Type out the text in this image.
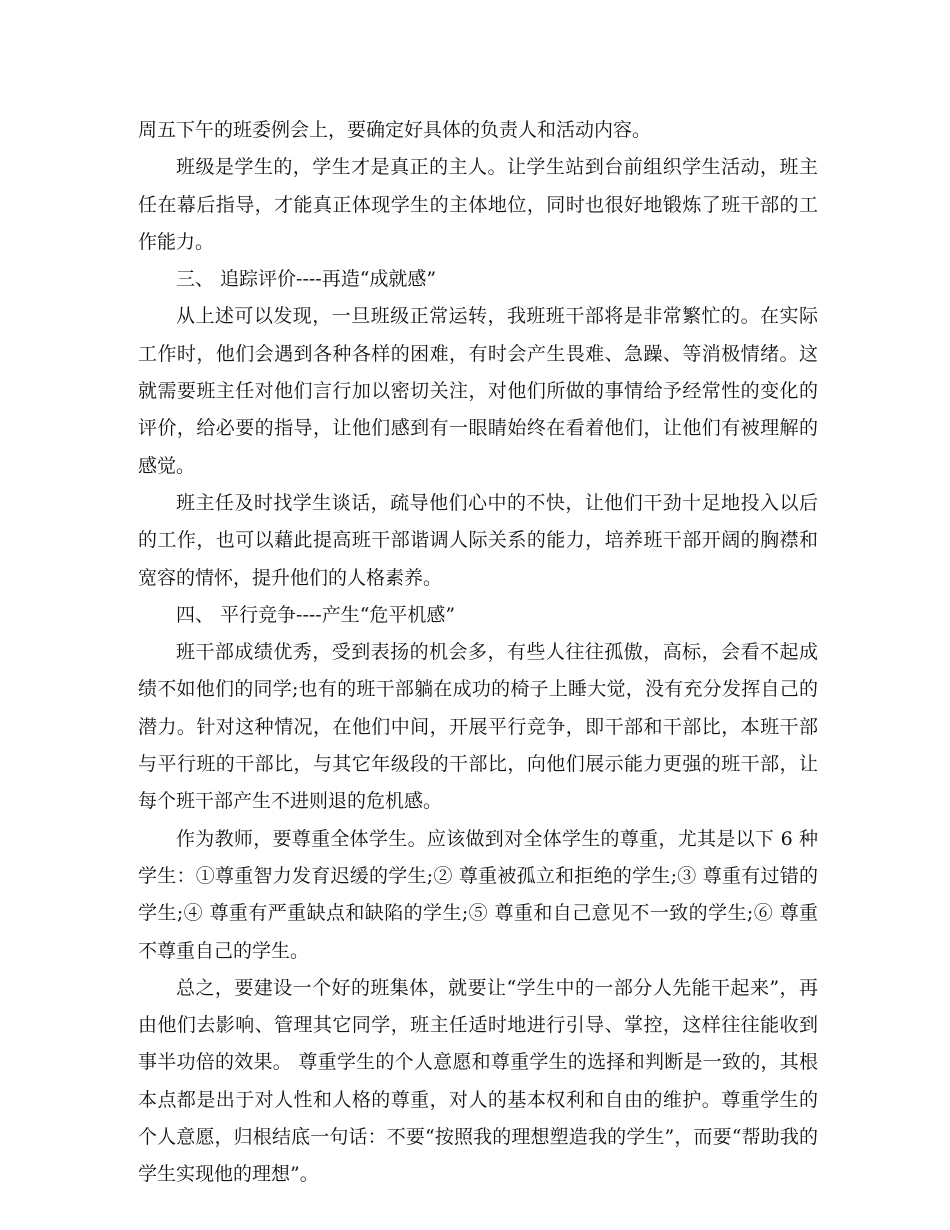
周五下午的班委例会上，要确定好具体的负责人和活动内容。

班级是学生的，学生才是真正的主人。让学生站到台前组织学生活动，班主任在幕后指导，才能真正体现学生的主体地位，同时也很好地锻炼了班干部的工作能力。

三、 追踪评价----再造“成就感”

从上述可以发现，一旦班级正常运转，我班班干部将是非常繁忙的。在实际工作时，他们会遇到各种各样的困难，有时会产生畏难、急躁、等消极情绪。这就需要班主任对他们言行加以密切关注，对他们所做的事情给予经常性的变化的评价，给必要的指导，让他们感到有一眼睛始终在看着他们，让他们有被理解的感觉。

班主任及时找学生谈话，疏导他们心中的不快，让他们干劲十足地投入以后的工作，也可以藉此提高班干部谐调人际关系的能力，培养班干部开阔的胸襟和宽容的情怀，提升他们的人格素养。

四、 平行竞争----产生“危平机感”

班干部成绩优秀，受到表扬的机会多，有些人往往孤傲，高标，会看不起成绩不如他们的同学;也有的班干部躺在成功的椅子上睡大觉，没有充分发挥自己的潜力。针对这种情况，在他们中间，开展平行竞争，即干部和干部比，本班干部与平行班的干部比，与其它年级段的干部比，向他们展示能力更强的班干部，让每个班干部产生不进则退的危机感。

作为教师，要尊重全体学生。应该做到对全体学生的尊重，尤其是以下 6 种学生：①尊重智力发育迟缓的学生;② 尊重被孤立和拒绝的学生;③ 尊重有过错的学生;④ 尊重有严重缺点和缺陷的学生;⑤ 尊重和自己意见不一致的学生;⑥ 尊重不尊重自己的学生。

总之，要建设一个好的班集体，就要让“学生中的一部分人先能干起来”，再由他们去影响、管理其它同学，班主任适时地进行引导、掌控，这样往往能收到事半功倍的效果。 尊重学生的个人意愿和尊重学生的选择和判断是一致的，其根本点都是出于对人性和人格的尊重，对人的基本权利和自由的维护。尊重学生的个人意愿，归根结底一句话：不要“按照我的理想塑造我的学生”，而要“帮助我的学生实现他的理想”。
